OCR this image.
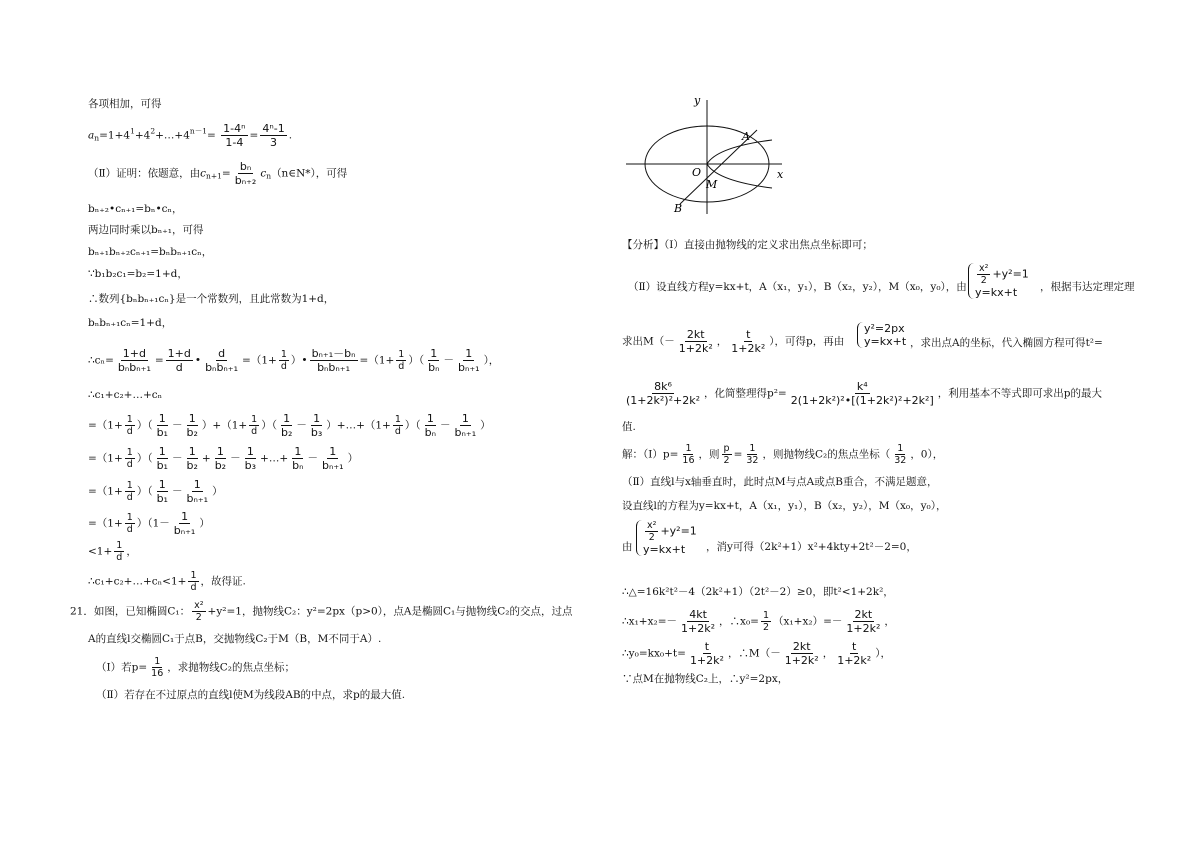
各项相加，可得
$a_n=1+4^1+4^2+\dots+4^{n-1}= \frac{\text{1-4ⁿ}}{1-4} = \frac{\text{4ⁿ-1}}{3}$ .
（Ⅱ）证明：依题意，由$c_{n+1}= \frac{\text{bₙ}}{\text{bₙ₊₂}}$ $c_n(n\in N*)$，可得
bₙ₊₂•cₙ₊₁=bₙ•cₙ，
两边同时乘以bₙ₊₁，可得
bₙ₊₁bₙ₊₂cₙ₊₁=bₙbₙ₊₁cₙ，
∵b₁b₂c₁=b₂=1+d，
∴数列{bₙbₙ₊₁cₙ}是一个常数列，且此常数为1+d，
bₙbₙ₊₁cₙ=1+d，
∴cₙ= $\frac{1+d}{\text{bₙbₙ₊₁}} = \frac{1+d}{d}$ • $\frac{d}{\text{bₙbₙ₊₁}} =(1+ \frac{1}{d}$ ）• $\frac{\text{bₙ₊₁－bₙ}}{\text{bₙbₙ₊₁}} =(1+ \frac{1}{d}$ ）（ $\frac{1}{\text{bₙ}} - \frac{1}{\text{bₙ₊₁}}$ ），
∴c₁+c₂+…+cₙ
$=(1+ \frac{1}{d}$ ）（ $\frac{1}{\text{b₁}} - \frac{1}{\text{b₂}} )+(1+ \frac{1}{d}$ ）（ $\frac{1}{\text{b₂}} - \frac{1}{\text{b₃}}$ ）+…+（1+ $\frac{1}{d}$ ）（ $\frac{1}{\text{bₙ}} - \frac{1}{\text{bₙ₊₁}}$ ）
$=(1+ \frac{1}{d}$ ）（ $\frac{1}{\text{b₁}} - \frac{1}{\text{b₂}} + \frac{1}{\text{b₂}} - \frac{1}{\text{b₃}}$ +…+ $\frac{1}{\text{bₙ}} - \frac{1}{\text{bₙ₊₁}}$ ）
$=(1+ \frac{1}{d}$ ）（ $\frac{1}{\text{b₁}} - \frac{1}{\text{bₙ₊₁}}$ ）
$=(1+ \frac{1}{d} )(1- \frac{1}{\text{bₙ₊₁}}$ ）
$<1+ \frac{1}{d}$ ，
∴c₁+c₂+…+cₙ<1+ $\frac{1}{d}$ ，故得证.
21．如图，已知椭圆C₁： $\frac{\text{x²}}{2} +y^2=1$，抛物线C₂：y²=2px（p>0），点A是椭圆C₁与抛物线C₂的交点，过点
A的直线l交椭圆C₁于点B，交抛物线C₂于M（B，M不同于A）.
（Ⅰ）若$p= \frac{1}{16}$ ，求抛物线C₂的焦点坐标；
（Ⅱ）若存在不过原点的直线l使M为线段AB的中点，求p的最大值.
y
x
O
A
B
M
【分析】（Ⅰ）直接由抛物线的定义求出焦点坐标即可；
（Ⅱ）设直线方程y=kx+t，A（x₁，y₁），B（x₂，y₂），M（x₀，y₀），由
$\frac{\text{x²}}{2} +y^2=1$
y=kx+t	，根据韦达定理定理
求出$M(- \frac{2kt}{\text{1+2k²}}$ ， $\frac{t}{\text{1+2k²}}$ ），可得p，再由
y²=2px
y=kx+t ，求出点A的坐标，代入椭圆方程可得t²=
$\frac{\text{8k⁶}}{\text{(1+2k²)²+2k²}}$ ，化简整理得$p^2= \frac{\text{k⁴}}{\text{2(1+2k²)²•[(1+2k²)²+2k²]}}$ ，利用基本不等式即可求出p的最大
值.
解：（Ⅰ）p= $\frac{1}{16}$ ，则 $\frac{p}{2} = \frac{1}{32}$ ，则抛物线C₂的焦点坐标（ $\frac{1}{32}$ ，0），
（Ⅱ）直线l与x轴垂直时，此时点M与点A或点B重合，不满足题意，
设直线l的方程为y=kx+t，A（x₁，y₁），B（x₂，y₂），M（x₀，y₀），
由
$\frac{\text{x²}}{2} +y^2=1$
y=kx+t	，消y可得（2k²+1）x²+4kty+2t²－2=0，
∴△=16k²t²－4（2k²+1）（2t²－2）≥0，即t²<1+2k²，
∴x₁+x₂=－ $\frac{4kt}{\text{1+2k²}}$ ，∴x₀= $\frac{1}{2} (x_1+x_2)=- \frac{2kt}{\text{1+2k²}}$ ，
∴y₀=kx₀+t= $\frac{t}{\text{1+2k²}}$ ，∴M（－ $\frac{2kt}{\text{1+2k²}}$ ， $\frac{t}{\text{1+2k²}}$ ），
∵点M在抛物线C₂上，∴y²=2px，
